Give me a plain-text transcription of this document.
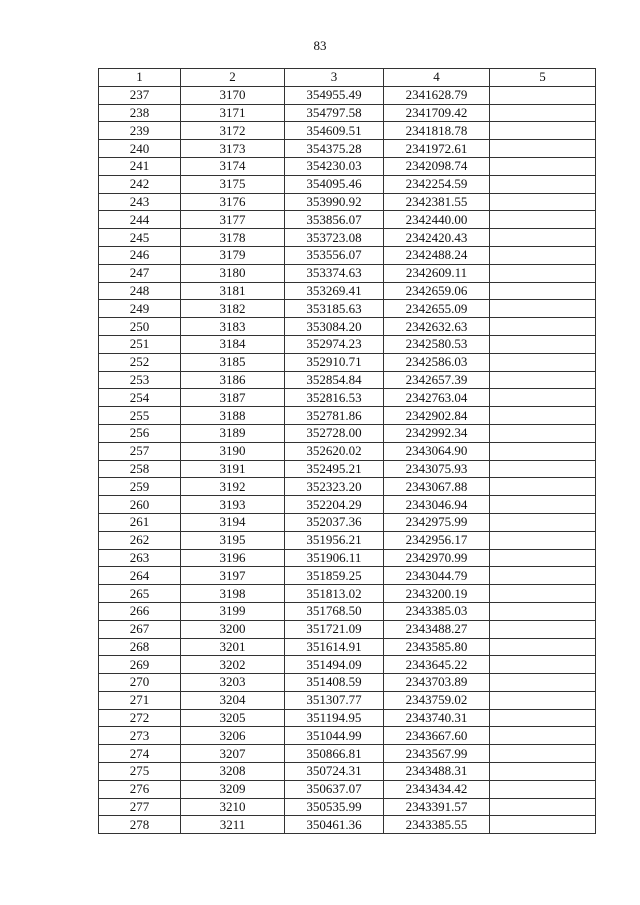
83
1	2	3	4	5
237	3170	354955.49	2341628.79	
238	3171	354797.58	2341709.42	
239	3172	354609.51	2341818.78	
240	3173	354375.28	2341972.61	
241	3174	354230.03	2342098.74	
242	3175	354095.46	2342254.59	
243	3176	353990.92	2342381.55	
244	3177	353856.07	2342440.00	
245	3178	353723.08	2342420.43	
246	3179	353556.07	2342488.24	
247	3180	353374.63	2342609.11	
248	3181	353269.41	2342659.06	
249	3182	353185.63	2342655.09	
250	3183	353084.20	2342632.63	
251	3184	352974.23	2342580.53	
252	3185	352910.71	2342586.03	
253	3186	352854.84	2342657.39	
254	3187	352816.53	2342763.04	
255	3188	352781.86	2342902.84	
256	3189	352728.00	2342992.34	
257	3190	352620.02	2343064.90	
258	3191	352495.21	2343075.93	
259	3192	352323.20	2343067.88	
260	3193	352204.29	2343046.94	
261	3194	352037.36	2342975.99	
262	3195	351956.21	2342956.17	
263	3196	351906.11	2342970.99	
264	3197	351859.25	2343044.79	
265	3198	351813.02	2343200.19	
266	3199	351768.50	2343385.03	
267	3200	351721.09	2343488.27	
268	3201	351614.91	2343585.80	
269	3202	351494.09	2343645.22	
270	3203	351408.59	2343703.89	
271	3204	351307.77	2343759.02	
272	3205	351194.95	2343740.31	
273	3206	351044.99	2343667.60	
274	3207	350866.81	2343567.99	
275	3208	350724.31	2343488.31	
276	3209	350637.07	2343434.42	
277	3210	350535.99	2343391.57	
278	3211	350461.36	2343385.55	
